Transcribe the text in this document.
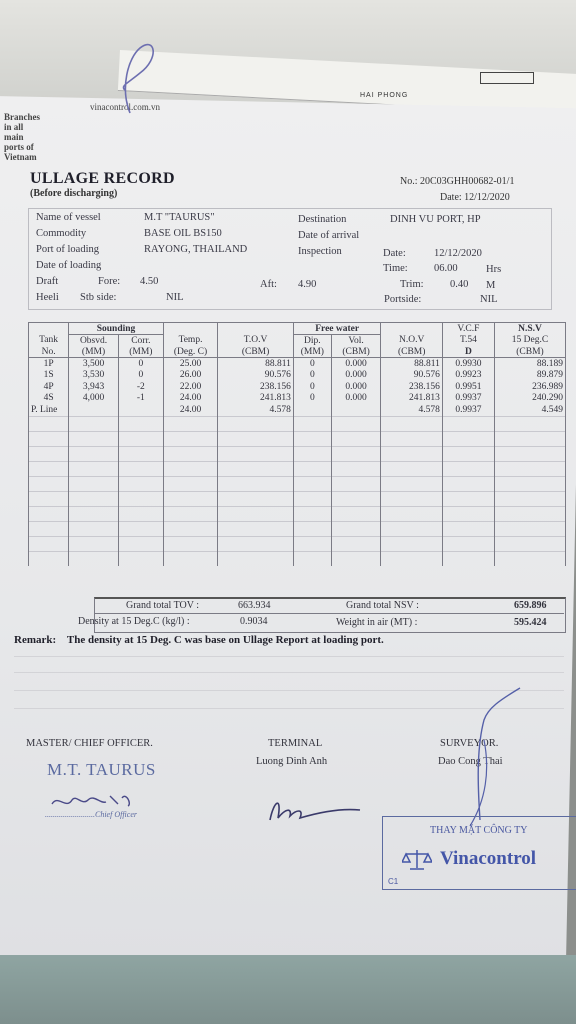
HAI PHONG
Branches in all main ports of Vietnam
vinacontrol.com.vn
ULLAGE RECORD
(Before discharging)
No.: 20C03GHH00682-01/1
Date: 12/12/2020
Name of vessel	M.T "TAURUS"
Commodity	BASE OIL BS150
Port of loading	RAYONG, THAILAND
Date of loading
Destination	DINH VU PORT, HP
Date of arrival
Inspection	Date:	12/12/2020
Time:	06.00	Hrs
Draft	Fore: 4.50	Aft: 4.90	Trim:	0.40 M
Heeli Stb side:	NIL	Portside:	NIL
	Sounding				Free water			V.C.F	N.S.V
Tank	Obsvd.	Corr.	Temp.	T.O.V	Dip.	Vol.	N.O.V	T.54	15 Deg.C
No.	(MM)	(MM)	(Deg. C)	(CBM)	(MM)	(CBM)	(CBM)	D	(CBM)
1P	3,500	0	25.00	88.811	0	0.000	88.811	0.9930	88.189
1S	3,530	0	26.00	90.576	0	0.000	90.576	0.9923	89.879
4P	3,943	-2	22.00	238.156	0	0.000	238.156	0.9951	236.989
4S	4,000	-1	24.00	241.813	0	0.000	241.813	0.9937	240.290
P. Line			24.00	4.578			4.578	0.9937	4.549

Grand total TOV :	663.934	Grand total NSV :	659.896
Density at 15 Deg.C (kg/l) :	0.9034	Weight in air (MT) :	595.424
Remark: The density at 15 Deg. C was base on Ullage Report at loading port.
MASTER/ CHIEF OFFICER.
M.T. TAURUS
.........................Chief Officer
TERMINAL
Luong Dinh Anh
SURVEYOR.
Dao Cong Thai
THAY MẶT CÔNG TY
Vinacontrol
C1
